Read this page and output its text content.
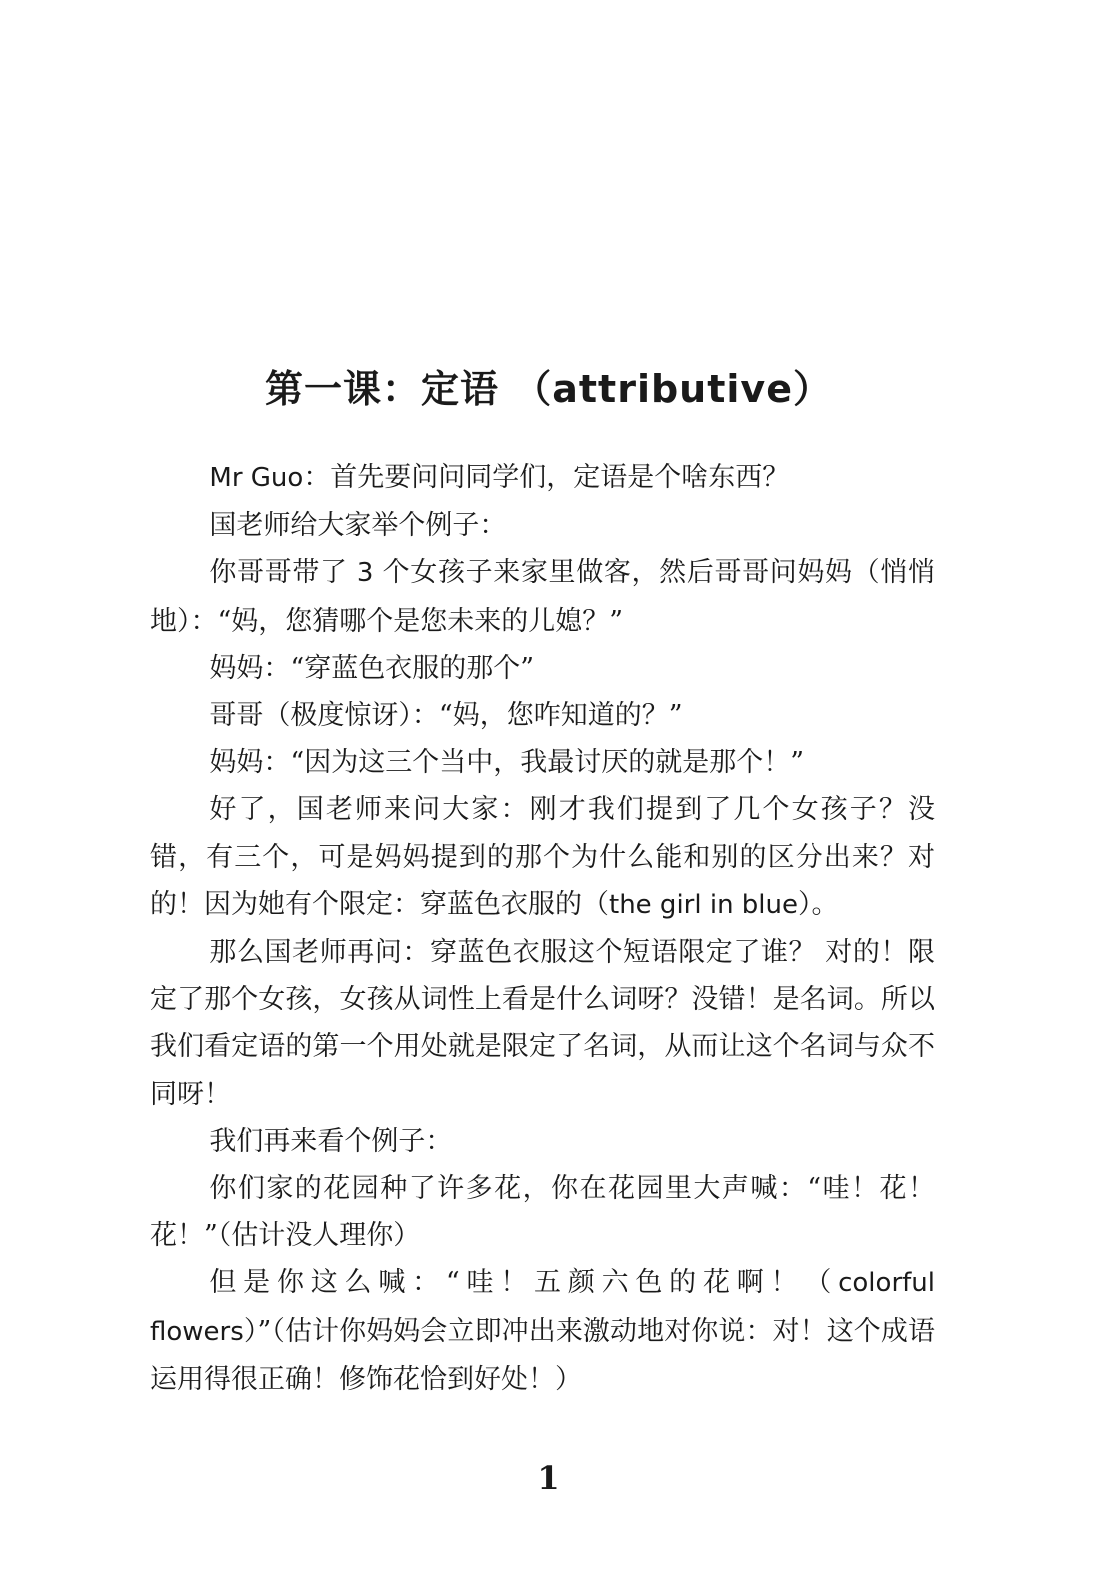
第一课：定语 （attributive）

Mr Guo：首先要问问同学们，定语是个啥东西？

国老师给大家举个例子：

你哥哥带了 3 个女孩子来家里做客，然后哥哥问妈妈（悄悄地）：“妈，您猜哪个是您未来的儿媳？”

妈妈：“穿蓝色衣服的那个”

哥哥（极度惊讶）：“妈，您咋知道的？”

妈妈：“因为这三个当中，我最讨厌的就是那个！”

好了，国老师来问大家：刚才我们提到了几个女孩子？没错，有三个，可是妈妈提到的那个为什么能和别的区分出来？对的！因为她有个限定：穿蓝色衣服的（the girl in blue）。

那么国老师再问：穿蓝色衣服这个短语限定了谁？ 对的！限定了那个女孩，女孩从词性上看是什么词呀？没错！是名词。所以我们看定语的第一个用处就是限定了名词，从而让这个名词与众不同呀！

我们再来看个例子：

你们家的花园种了许多花，你在花园里大声喊：“哇！花！花！”（估计没人理你）

但是你这么喊：“哇！五颜六色的花啊！（colorful flowers）”（估计你妈妈会立即冲出来激动地对你说：对！这个成语运用得很正确！修饰花恰到好处！）

1
